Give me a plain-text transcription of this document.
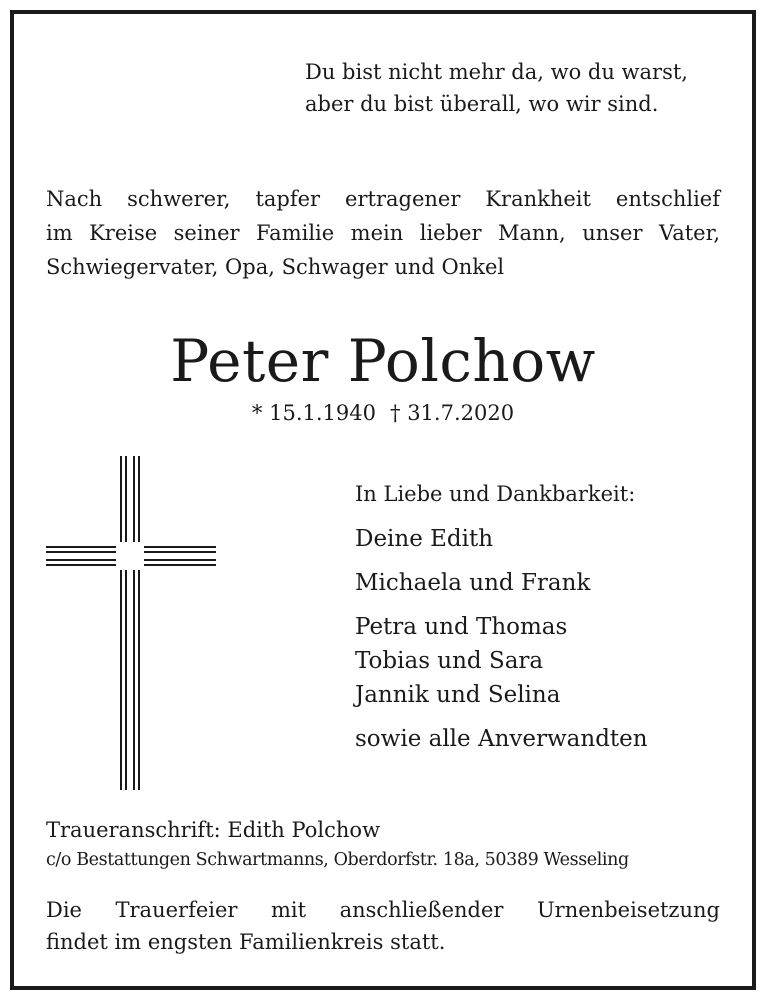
Du bist nicht mehr da, wo du warst,
aber du bist überall, wo wir sind.
Nach schwerer, tapfer ertragener Krankheit entschlief
im Kreise seiner Familie mein lieber Mann, unser Vater,
Schwiegervater, Opa, Schwager und Onkel
Peter Polchow
* 15.1.1940 † 31.7.2020
In Liebe und Dankbarkeit:
Deine Edith
Michaela und Frank
Petra und Thomas
Tobias und Sara
Jannik und Selina
sowie alle Anverwandten
Traueranschrift: Edith Polchow
c/o Bestattungen Schwartmanns, Oberdorfstr. 18a, 50389 Wesseling
Die Trauerfeier mit anschließender Urnenbeisetzung
findet im engsten Familienkreis statt.
